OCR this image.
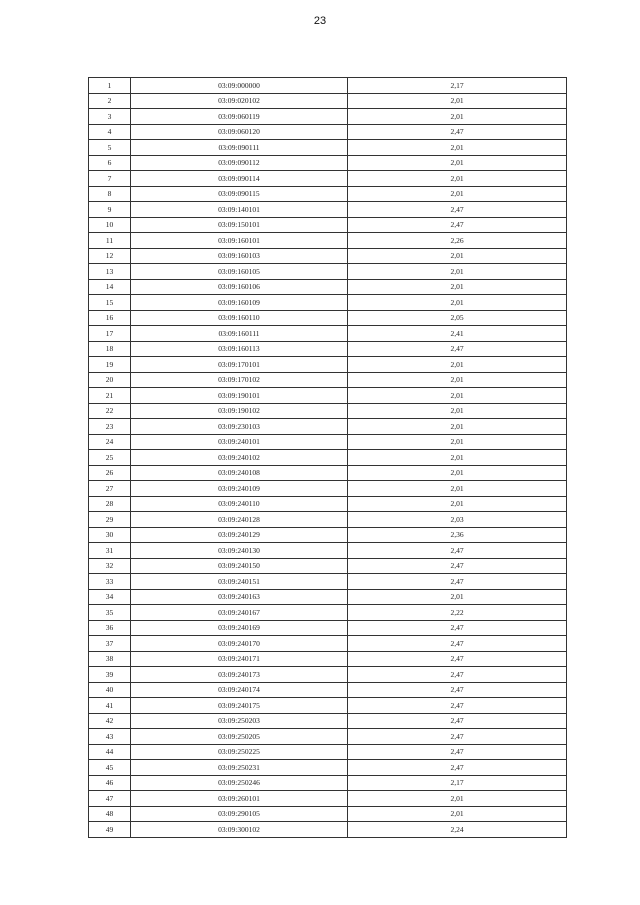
23
1	03:09:000000	2,17
2	03:09:020102	2,01
3	03:09:060119	2,01
4	03:09:060120	2,47
5	03:09:090111	2,01
6	03:09:090112	2,01
7	03:09:090114	2,01
8	03:09:090115	2,01
9	03:09:140101	2,47
10	03:09:150101	2,47
11	03:09:160101	2,26
12	03:09:160103	2,01
13	03:09:160105	2,01
14	03:09:160106	2,01
15	03:09:160109	2,01
16	03:09:160110	2,05
17	03:09:160111	2,41
18	03:09:160113	2,47
19	03:09:170101	2,01
20	03:09:170102	2,01
21	03:09:190101	2,01
22	03:09:190102	2,01
23	03:09:230103	2,01
24	03:09:240101	2,01
25	03:09:240102	2,01
26	03:09:240108	2,01
27	03:09:240109	2,01
28	03:09:240110	2,01
29	03:09:240128	2,03
30	03:09:240129	2,36
31	03:09:240130	2,47
32	03:09:240150	2,47
33	03:09:240151	2,47
34	03:09:240163	2,01
35	03:09:240167	2,22
36	03:09:240169	2,47
37	03:09:240170	2,47
38	03:09:240171	2,47
39	03:09:240173	2,47
40	03:09:240174	2,47
41	03:09:240175	2,47
42	03:09:250203	2,47
43	03:09:250205	2,47
44	03:09:250225	2,47
45	03:09:250231	2,47
46	03:09:250246	2,17
47	03:09:260101	2,01
48	03:09:290105	2,01
49	03:09:300102	2,24
